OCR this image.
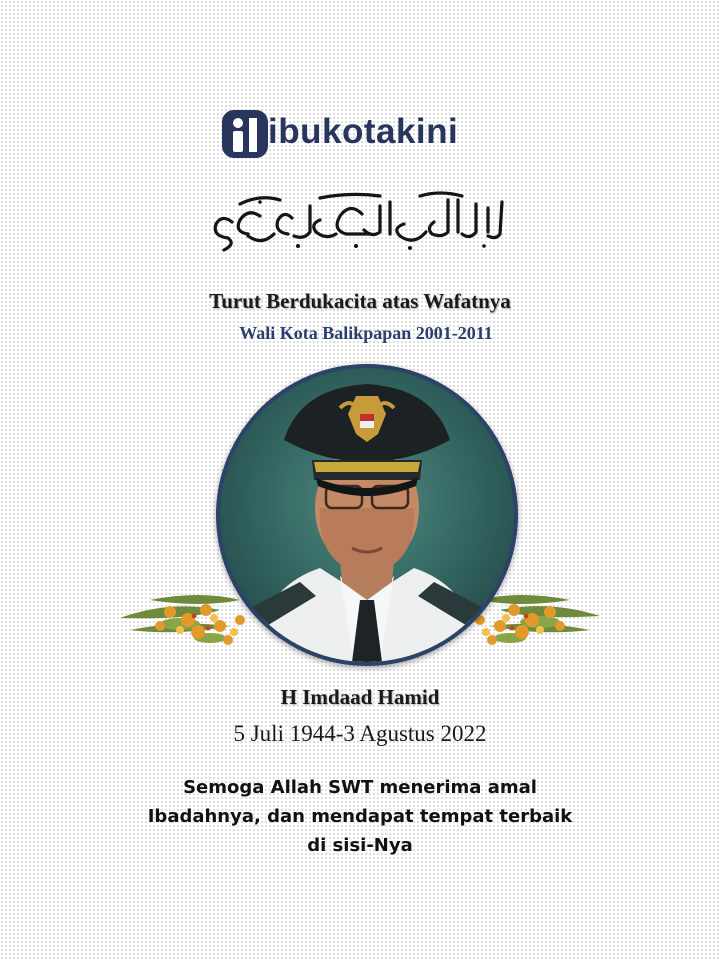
ibukotakini
Turut Berdukacita atas Wafatnya
Wali Kota Balikpapan 2001-2011
H Imdaad Hamid
5 Juli 1944-3 Agustus 2022
Semoga Allah SWT menerima amal
Ibadahnya, dan mendapat tempat terbaik
di sisi-Nya
